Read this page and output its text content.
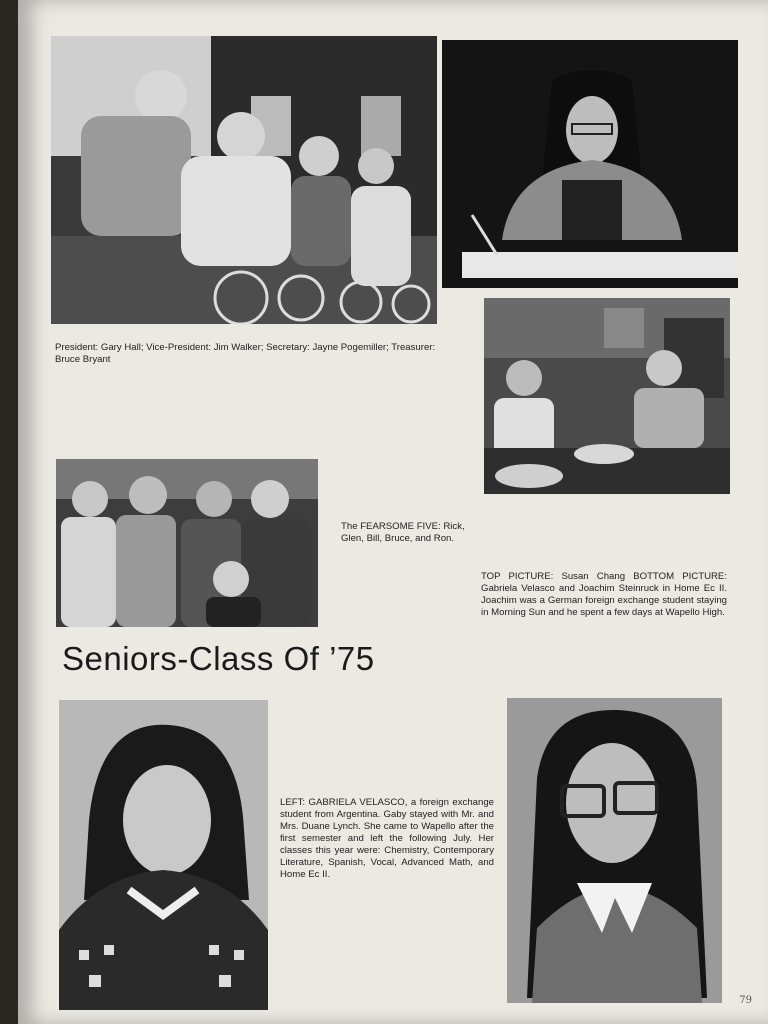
President: Gary Hall; Vice-President: Jim Walker; Secretary: Jayne Pogemiller; Treasurer: Bruce Bryant
The FEARSOME FIVE: Rick, Glen, Bill, Bruce, and Ron.
TOP PICTURE: Susan Chang BOTTOM PICTURE: Gabriela Velasco and Joachim Steinruck in Home Ec II. Joachim was a German foreign exchange student staying in Morning Sun and he spent a few days at Wapello High.
Seniors-Class Of ’75
LEFT: GABRIELA VELASCO, a foreign exchange student from Argentina. Gaby stayed with Mr. and Mrs. Duane Lynch. She came to Wapello after the first semester and left the following July. Her classes this year were: Chemistry, Contemporary Literature, Spanish, Vocal, Advanced Math, and Home Ec II.
79
